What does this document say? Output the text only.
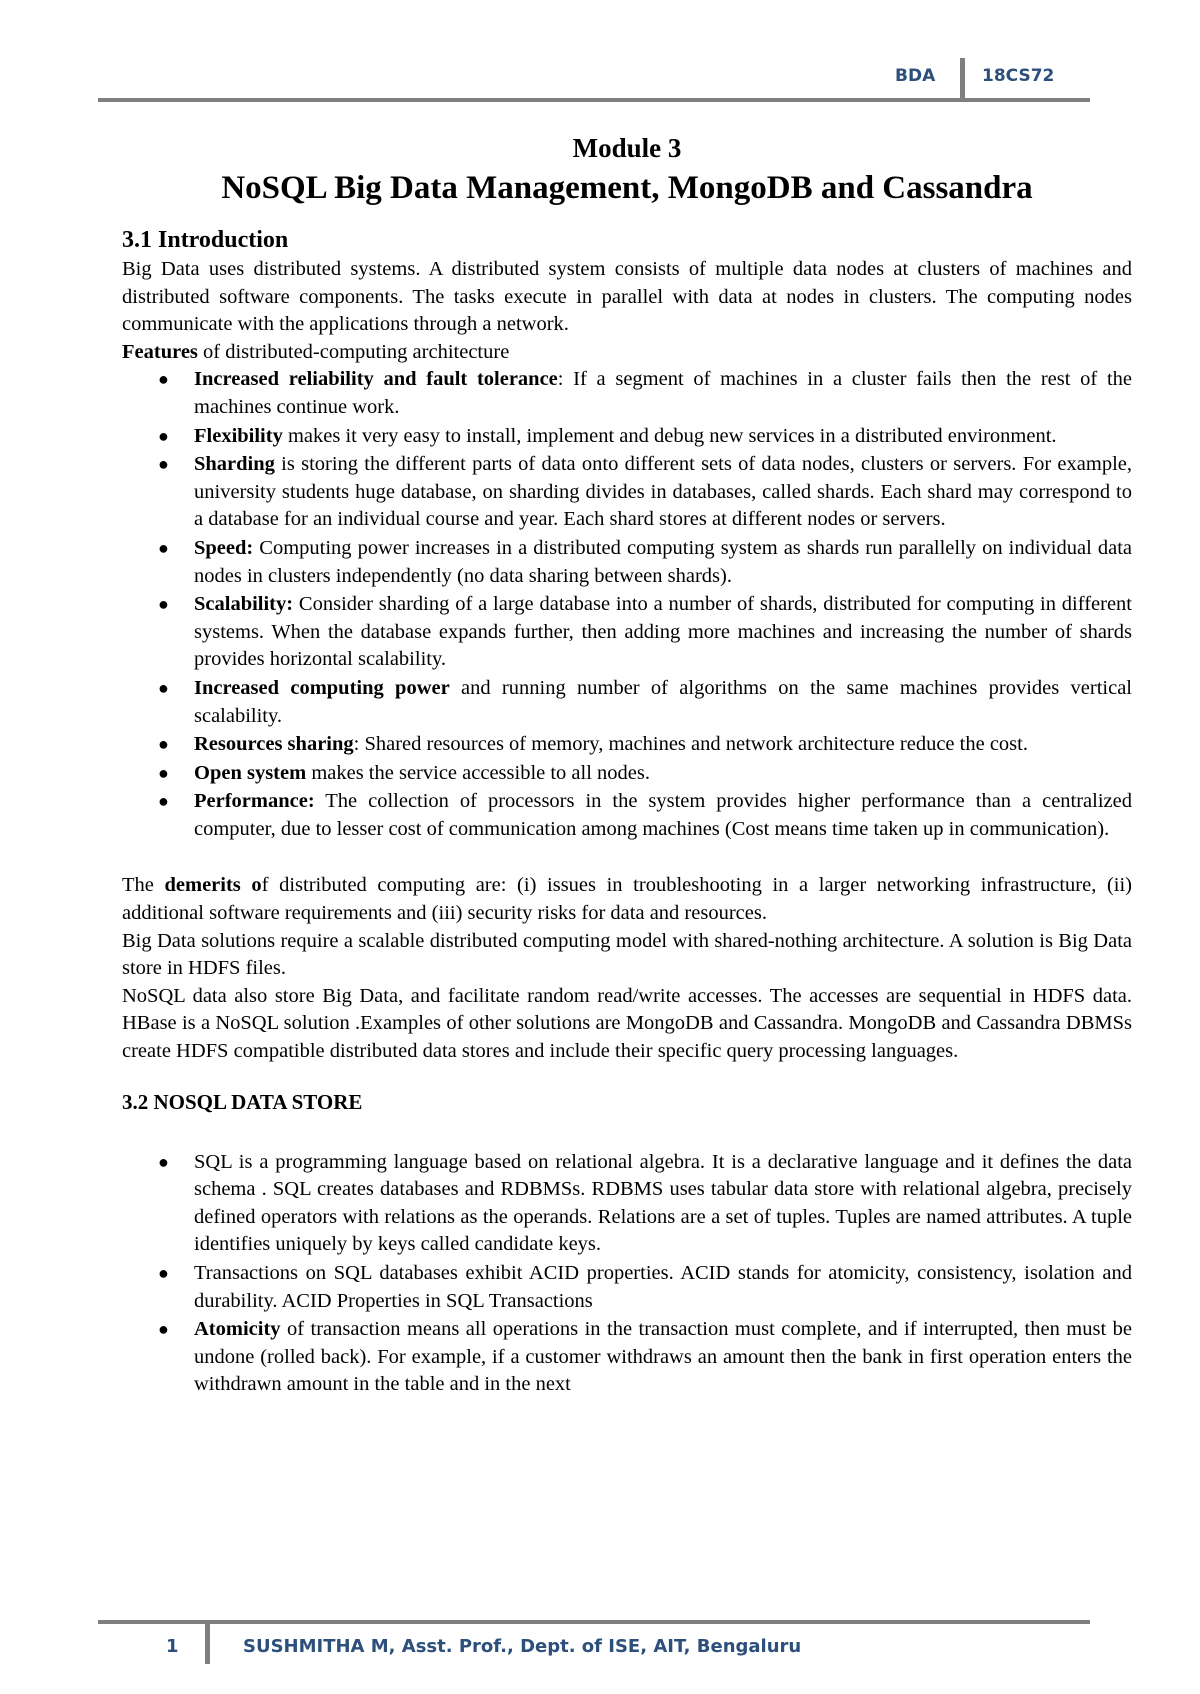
BDA	18CS72
Module 3
NoSQL Big Data Management, MongoDB and Cassandra
3.1 Introduction

Big Data uses distributed systems. A distributed system consists of multiple data nodes at clusters of machines and distributed software components. The tasks execute in parallel with data at nodes in clusters. The computing nodes communicate with the applications through a network.

Features of distributed-computing architecture

● Increased reliability and fault tolerance: If a segment of machines in a cluster fails then the rest of the machines continue work.
● Flexibility makes it very easy to install, implement and debug new services in a distributed environment.
● Sharding is storing the different parts of data onto different sets of data nodes, clusters or servers. For example, university students huge database, on sharding divides in databases, called shards. Each shard may correspond to a database for an individual course and year. Each shard stores at different nodes or servers.
● Speed: Computing power increases in a distributed computing system as shards run parallelly on individual data nodes in clusters independently (no data sharing between shards).
● Scalability: Consider sharding of a large database into a number of shards, distributed for computing in different systems. When the database expands further, then adding more machines and increasing the number of shards provides horizontal scalability.
● Increased computing power and running number of algorithms on the same machines provides vertical scalability.
● Resources sharing: Shared resources of memory, machines and network architecture reduce the cost.
● Open system makes the service accessible to all nodes.
● Performance: The collection of processors in the system provides higher performance than a centralized computer, due to lesser cost of communication among machines (Cost means time taken up in communication).

The demerits of distributed computing are: (i) issues in troubleshooting in a larger networking infrastructure, (ii) additional software requirements and (iii) security risks for data and resources.

Big Data solutions require a scalable distributed computing model with shared-nothing architecture. A solution is Big Data store in HDFS files.

NoSQL data also store Big Data, and facilitate random read/write accesses. The accesses are sequential in HDFS data. HBase is a NoSQL solution .Examples of other solutions are MongoDB and Cassandra. MongoDB and Cassandra DBMSs create HDFS compatible distributed data stores and include their specific query processing languages.

3.2 NOSQL DATA STORE
● SQL is a programming language based on relational algebra. It is a declarative language and it defines the data schema . SQL creates databases and RDBMSs. RDBMS uses tabular data store with relational algebra, precisely defined operators with relations as the operands. Relations are a set of tuples. Tuples are named attributes. A tuple identifies uniquely by keys called candidate keys.
● Transactions on SQL databases exhibit ACID properties. ACID stands for atomicity, consistency, isolation and durability. ACID Properties in SQL Transactions
● Atomicity of transaction means all operations in the transaction must complete, and if interrupted, then must be undone (rolled back). For example, if a customer withdraws an amount then the bank in first operation enters the withdrawn amount in the table and in the next
1	SUSHMITHA M, Asst. Prof., Dept. of ISE, AIT, Bengaluru
